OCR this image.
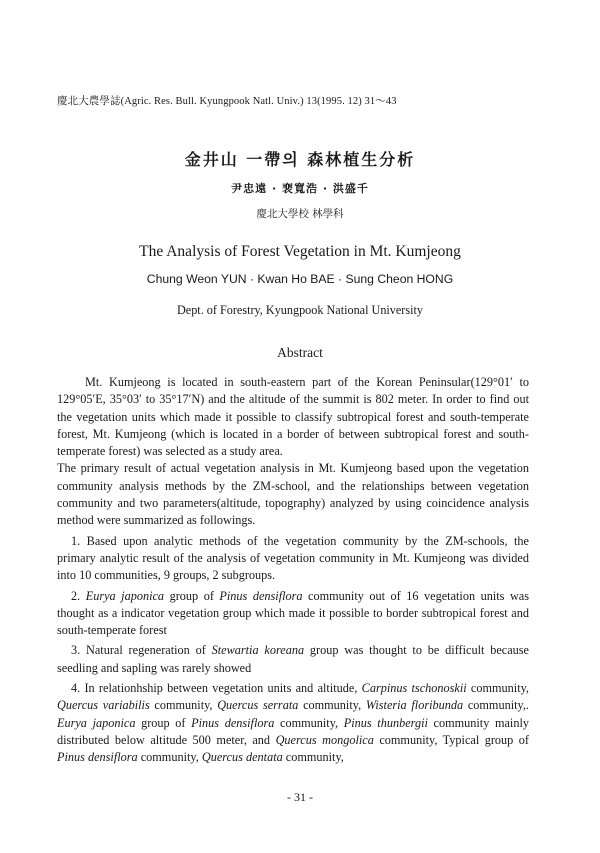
慶北大農學誌(Agric. Res. Bull. Kyungpook Natl. Univ.) 13(1995. 12) 31～43
金井山 一帶의 森林植生分析
尹忠遠 · 裵寬浩 · 洪盛千
慶北大學校 林學科
The Analysis of Forest Vegetation in Mt. Kumjeong
Chung Weon YUN · Kwan Ho BAE · Sung Cheon HONG
Dept. of Forestry, Kyungpook National University
Abstract

Mt. Kumjeong is located in south-eastern part of the Korean Peninsular(129°01′ to 129°05′E, 35°03′ to 35°17′N) and the altitude of the summit is 802 meter. In order to find out the vegetation units which made it possible to classify subtropical forest and south-temperate forest, Mt. Kumjeong (which is located in a border of between subtropical forest and south-temperate forest) was selected as a study area.

The primary result of actual vegetation analysis in Mt. Kumjeong based upon the vegetation community analysis methods by the ZM-school, and the relationships between vegetation community and two parameters(altitude, topography) analyzed by using coincidence analysis method were summarized as followings.

1. Based upon analytic methods of the vegetation community by the ZM-schools, the primary analytic result of the analysis of vegetation community in Mt. Kumjeong was divided into 10 communities, 9 groups, 2 subgroups.

2. Eurya japonica group of Pinus densiflora community out of 16 vegetation units was thought as a indicator vegetation group which made it possible to border subtropical forest and south-temperate forest

3. Natural regeneration of Stewartia koreana group was thought to be difficult because seedling and sapling was rarely showed

4. In relationhship between vegetation units and altitude, Carpinus tschonoskii community, Quercus variabilis community, Quercus serrata community, Wisteria floribunda community,. Eurya japonica group of Pinus densiflora community, Pinus thunbergii community mainly distributed below altitude 500 meter, and Quercus mongolica community, Typical group of Pinus densiflora community, Quercus dentata community,

- 31 -
